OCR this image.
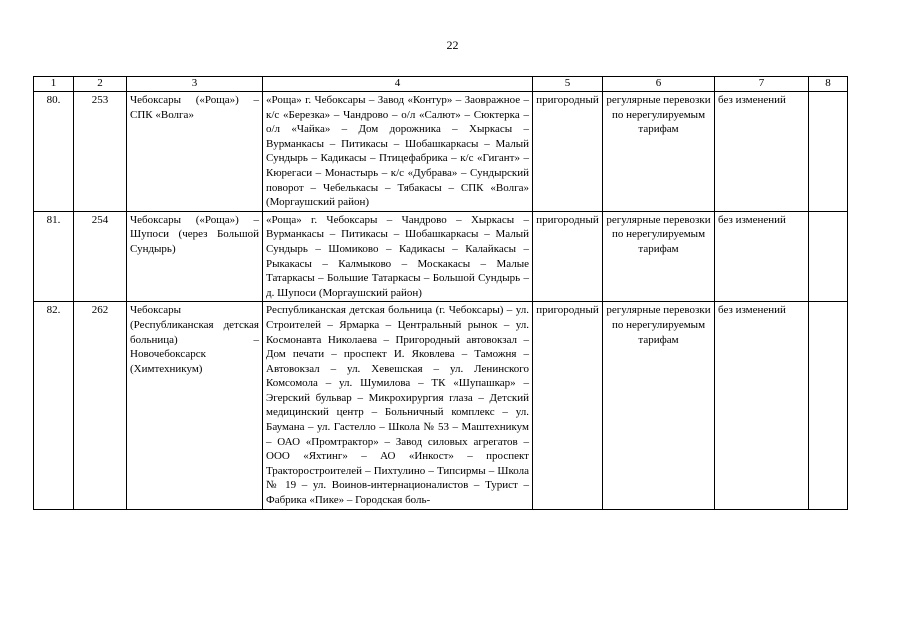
22
1	2	3	4	5	6	7	8
80.	253	Чебоксары («Роща») – СПК «Волга»	«Роща» г. Чебоксары – Завод «Контур» – Заовражное – к/с «Березка» – Чандрово – о/л «Салют» – Сюктерка – о/л «Чайка» – Дом дорожника – Хыркасы – Вурманкасы – Питикасы – Шобашкаркасы – Малый Сундырь – Кадикасы – Птицефабрика – к/с «Гигант» – Кюрегаси – Монастырь – к/с «Дубрава» – Сундырский поворот – Чебелькасы – Тябакасы – СПК «Волга» (Моргаушский район)	пригородный	регулярные перевозки по нерегулируемым тарифам	без изменений	
81.	254	Чебоксары («Роща») – Шупоси (через Большой Сундырь)	«Роща» г. Чебоксары – Чандрово – Хыркасы – Вурманкасы – Питикасы – Шобашкаркасы – Малый Сундырь – Шомиково – Кадикасы – Калайкасы – Рыкакасы – Калмыково – Москакасы – Малые Татаркасы – Большие Татаркасы – Большой Сундырь – д. Шупоси (Моргаушский район)	пригородный	регулярные перевозки по нерегулируемым тарифам	без изменений	
82.	262	Чебоксары (Республиканская детская больница) – Новочебоксарск (Химтехникум)	Республиканская детская больница (г. Чебоксары) – ул. Строителей – Ярмарка – Центральный рынок – ул. Космонавта Николаева – Пригородный автовокзал – Дом печати – проспект И. Яковлева – Таможня – Автовокзал – ул. Хевешская – ул. Ленинского Комсомола – ул. Шумилова – ТК «Шупашкар» – Эгерский бульвар – Микрохирургия глаза – Детский медицинский центр – Больничный комплекс – ул. Баумана – ул. Гастелло – Школа № 53 – Маштехникум – ОАО «Промтрактор» – Завод силовых агрегатов – ООО «Яхтинг» – АО «Инкост» – проспект Тракторостроителей – Пихтулино – Типсирмы – Школа № 19 – ул. Воинов-интернационалистов – Турист – Фабрика «Пике» – Городская боль-	пригородный	регулярные перевозки по нерегулируемым тарифам	без изменений	
